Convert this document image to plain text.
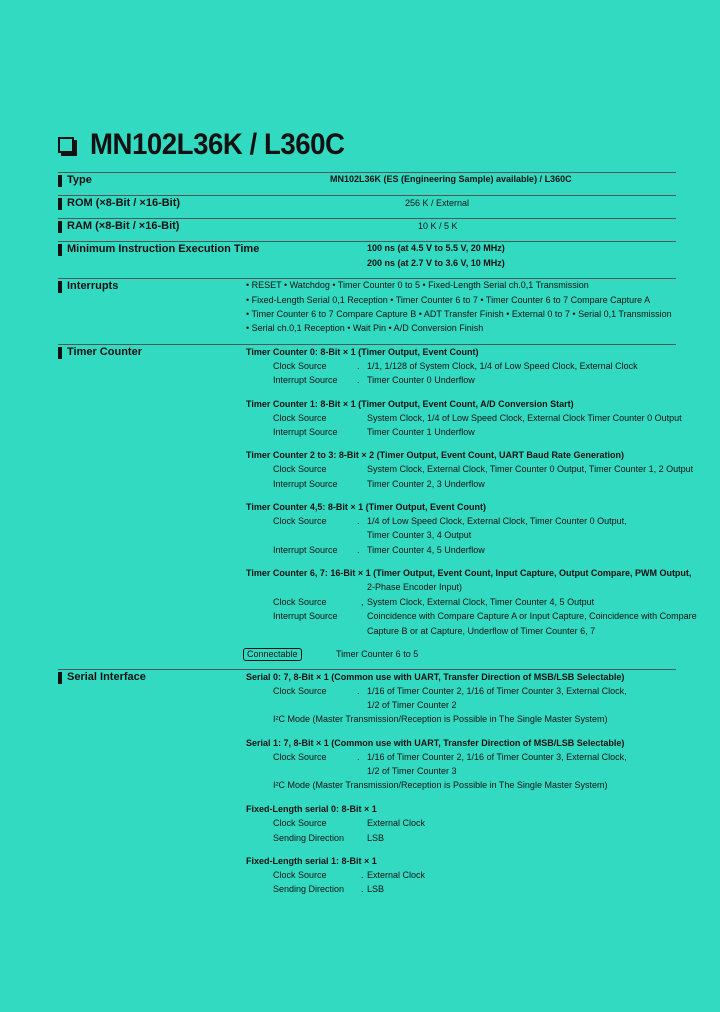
MN102L36K / L360C
Type	MN102L36K (ES (Engineering Sample) available) / L360C
ROM (×8-Bit / ×16-Bit)	256 K / External
RAM (×8-Bit / ×16-Bit)	10 K / 5 K
Minimum Instruction Execution Time	100 ns (at 4.5 V to 5.5 V, 20 MHz)
200 ns (at 2.7 V to 3.6 V, 10 MHz)
Interrupts	• RESET • Watchdog • Timer Counter 0 to 5 • Fixed-Length Serial ch.0,1 Transmission
• Fixed-Length Serial 0,1 Reception • Timer Counter 6 to 7 • Timer Counter 6 to 7 Compare Capture A
• Timer Counter 6 to 7 Compare Capture B • ADT Transfer Finish • External 0 to 7 • Serial 0,1 Transmission
• Serial ch.0,1 Reception • Wait Pin • A/D Conversion Finish
Timer Counter	Timer Counter 0: 8-Bit × 1 (Timer Output, Event Count)
Clock Source	. 1/1, 1/128 of System Clock, 1/4 of Low Speed Clock, External Clock
Interrupt Source . Timer Counter 0 Underflow
Timer Counter 1: 8-Bit × 1 (Timer Output, Event Count, A/D Conversion Start)
Clock Source	System Clock, 1/4 of Low Speed Clock, External Clock Timer Counter 0 Output
Interrupt Source	Timer Counter 1 Underflow
Timer Counter 2 to 3: 8-Bit × 2 (Timer Output, Event Count, UART Baud Rate Generation)
Clock Source	System Clock, External Clock, Timer Counter 0 Output, Timer Counter 1, 2 Output
Interrupt Source	Timer Counter 2, 3 Underflow
Timer Counter 4,5: 8-Bit × 1 (Timer Output, Event Count)
Clock Source	. 1/4 of Low Speed Clock, External Clock, Timer Counter 0 Output,
Timer Counter 3, 4 Output
Interrupt Source . Timer Counter 4, 5 Underflow
Timer Counter 6, 7: 16-Bit × 1 (Timer Output, Event Count, Input Capture, Output Compare, PWM Output,
2-Phase Encoder Input)
Clock Source	, System Clock, External Clock, Timer Counter 4, 5 Output
Interrupt Source	Coincidence with Compare Capture A or Input Capture, Coincidence with Compare
Capture B or at Capture, Underflow of Timer Counter 6, 7
Connectable	Timer Counter 6 to 5
Serial Interface	Serial 0: 7, 8-Bit × 1 (Common use with UART, Transfer Direction of MSB/LSB Selectable)
Clock Source	. 1/16 of Timer Counter 2, 1/16 of Timer Counter 3, External Clock,
1/2 of Timer Counter 2
I²C Mode (Master Transmission/Reception is Possible in The Single Master System)
Serial 1: 7, 8-Bit × 1 (Common use with UART, Transfer Direction of MSB/LSB Selectable)
Clock Source	. 1/16 of Timer Counter 2, 1/16 of Timer Counter 3, External Clock,
1/2 of Timer Counter 3
I²C Mode (Master Transmission/Reception is Possible in The Single Master System)
Fixed-Length serial 0: 8-Bit × 1
Clock Source	External Clock
Sending Direction	LSB
Fixed-Length serial 1: 8-Bit × 1
Clock Source	. External Clock
Sending Direction . LSB
